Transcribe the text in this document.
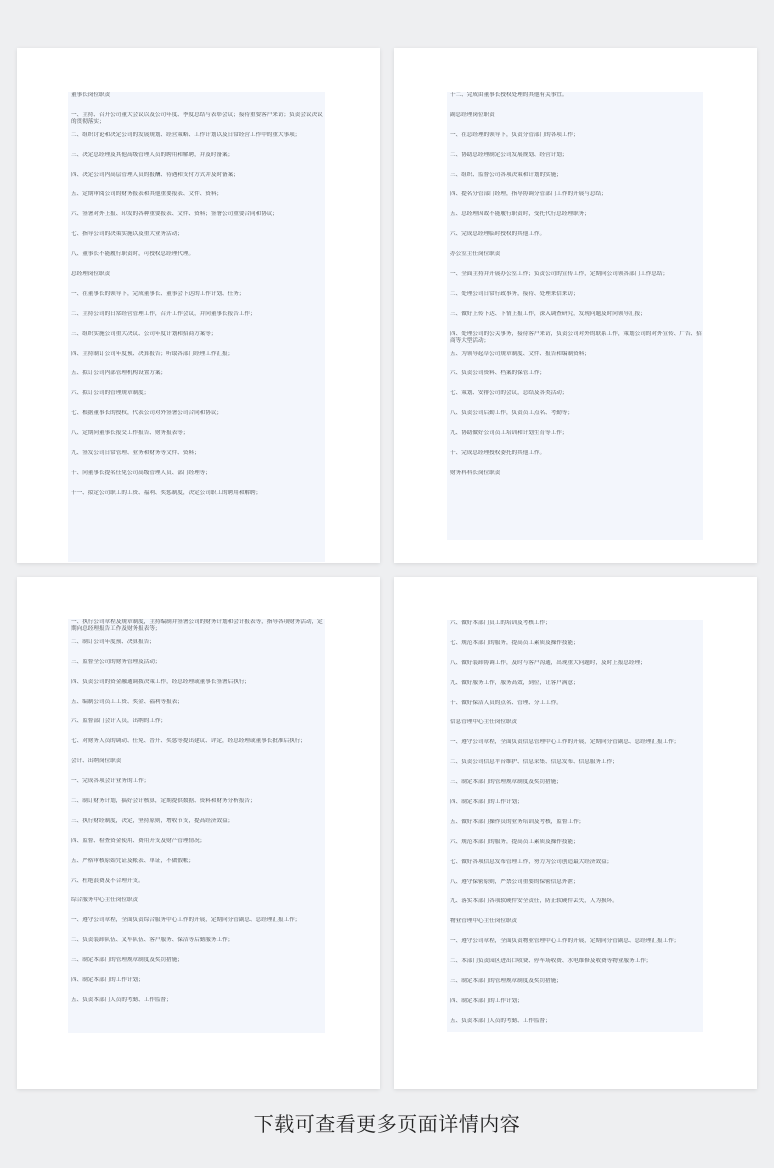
董事长岗位职责
一、主持、召开公司董大会议以及公司年度、季度总结与表彰会议；接待重要客户来访；负责会议决议的贯彻落实；
二、组织讨论和决定公司的发展规划、经营策略、工作计划以及日常经营工作中的重大事项；
三、决定总经理及其他高级管理人员的聘用和解聘，并及时备案；
四、决定公司内高层管理人员的报酬、待遇和支付方式并及时备案；
五、定期审阅公司的财务报表和其他重要报表、文件、资料；
六、签署对外上报、印发的各种重要报表、文件、资料；签署公司重要合同和协议；
七、指导公司的决策实施以及重大业务活动；
八、董事长不能履行职责时，可授权总经理代理。
总经理岗位职责
一、在董事长的领导下，完成董事长、董事会下达的工作计划、任务；
二、主持公司的日常经营管理工作，召开工作会议，并向董事长报告工作；
三、组织实施公司重大决议、公司年度计划和招商方案等；
四、主持制订公司年度预、决算报告；听取各部门经理工作汇报；
五、拟订公司内部管理机构设置方案；
六、拟订公司的管理规章制度；
七、根据董事长的授权，代表公司对外签署公司合同和协议；
八、定期向董事长报交工作报告、财务报表等；
九、签发公司日常管理、业务和财务等文件、资料；
十、向董事长提名任免公司高级管理人员、部门经理等；
十一、拟定公司职工的工资、福利、奖惩制度，决定公司职工的聘用和解聘；
十二、完成由董事长授权处理的其他有关事宜。
副总经理岗位职责
一、在总经理的领导下，负责分管部门的各项工作；
二、协助总经理制定公司发展规划、经营计划；
三、组织、监督公司各项决策和计划的实施；
四、提名分管部门经理，指导协调分管部门工作的开展与总结；
五、总经理因故不能履行职责时，受托代行总经理职务；
六、完成总经理临时授权的其他工作。
办公室主任岗位职责
一、全面主持并开展办公室工作；负责公司的宣传工作，定期向公司领各部门工作总结；
二、处理公司日常行政事务，接待、处理来信来访；
三、做好上传下达、下情上报工作，深入调查研究，发现问题及时向领导汇报；
四、处理公司的公关事务，接待客户来访，负责公司对外的联系工作，策划公司的对外宣传、广告、招商等大型活动；
五、为领导起草公司规章制度、文件、报告和编制资料；
六、负责公司资料、档案的保管工作；
七、策划、安排公司的会议，总结及各类活动；
八、负责公司后勤工作，负责员工点名、考勤等；
九、协助做好公司员工培训和计划生育等工作；
十、完成总经理授权委托的其他工作。
财务科科长岗位职责
一、执行公司章程及规章制度，主持编制并签署公司的财务计划和会计报表等，指导各项财务活动，定期向总经理报告工作及财务报表等；
二、制订公司年度预、决算报告；
三、监督全公司的财务管理及活动；
四、负责公司的资金融通调拨决策工作，经总经理或董事长签署后执行；
五、编制公司员工工资、奖金、福利等报表；
六、监督部门会计人员，出纳的工作；
七、对财务人员的调动、任免、晋升、奖惩等提出建议、评定，经总经理或董事长批准后执行；
会计、出纳岗位职责
一、完成各项会计业务的工作；
二、制订财务计划，搞好会计核算，定期提供数据、资料和财务分析报告；
三、执行财经制度，决定，坚持原则，增收节支，提高经济效益；
四、监督、检查资金使用、费用开支及财产管理情况；
五、严格审核原始凭证及帐表、单证，不做假帐；
六、杜绝浪费及不合理开支。
综合服务中心主任岗位职责
一、遵守公司章程，全面负责综合服务中心工作的开展，定期向分管副总、总经理汇报工作；
二、负责装卸队伍、叉车队伍、客户服务、保洁等后勤服务工作；
三、制定本部门的管理规章制度及奖罚措施；
四、制定本部门的工作计划；
五、负责本部门人员的考勤、工作监督；
六、做好本部门员工的培训及考核工作；
七、规范本部门的服务，提高员工素质及操作技能；
八、做好装卸协调工作，及时与客户沟通，出现重大问题时，及时上报总经理；
九、做好服务工作，服务高效，到位，让客户满意；
十、做好保洁人员的点名、管理、分工工作。
信息管理中心主任岗位职责
一、遵守公司章程，全面负责信息管理中心工作的开展，定期向分管副总、总经理汇报工作；
二、负责公司信息平台维护、信息采集、信息发布、信息服务工作；
三、制定本部门的管理规章制度及奖罚措施；
四、制定本部门的工作计划；
五、做好本部门操作员的业务培训及考核，监督工作；
六、规范本部门的服务，提高员工素质及操作技能；
七、做好各项信息发布管理工作，努力为公司创造最大经济效益；
八、遵守保密原则，严禁公司重要的保密信息外泄；
九、落实本部门各项软硬件安全责任，防止软硬件丢失，人为损坏。
物业管理中心主任岗位职责
一、遵守公司章程，全面负责物业管理中心工作的开展，定期向分管副总、总经理汇报工作；
二、本部门负责园区进出口收费、停车场收费、水电维修及收费等物业服务工作；
三、制定本部门的管理规章制度及奖罚措施；
四、制定本部门的工作计划；
五、负责本部门人员的考勤、工作监督；
下载可查看更多页面详情内容
